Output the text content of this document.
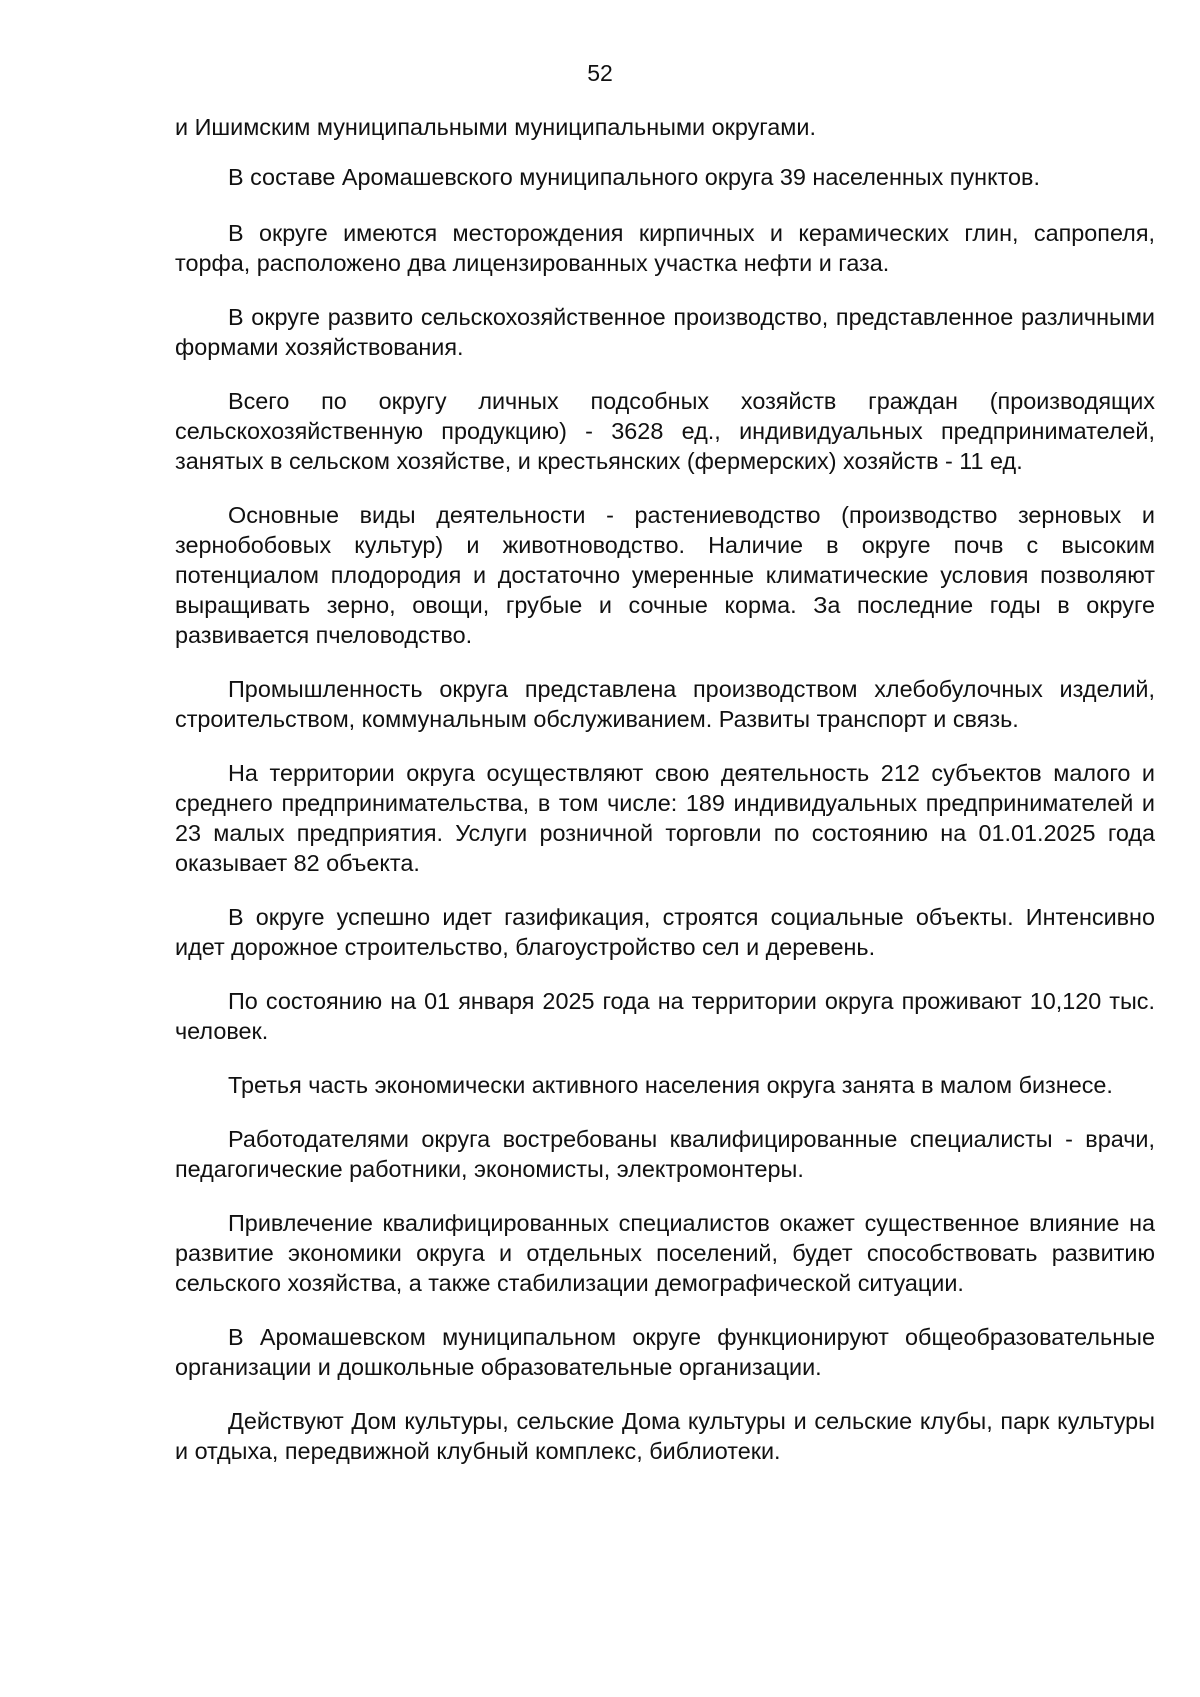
52

и Ишимским муниципальными муниципальными округами.

В составе Аромашевского муниципального округа 39 населенных пунктов.

В округе имеются месторождения кирпичных и керамических глин, сапропеля, торфа, расположено два лицензированных участка нефти и газа.

В округе развито сельскохозяйственное производство, представленное различными формами хозяйствования.

Всего по округу личных подсобных хозяйств граждан (производящих сельскохозяйственную продукцию) - 3628 ед., индивидуальных предпринимателей, занятых в сельском хозяйстве, и крестьянских (фермерских) хозяйств - 11 ед.

Основные виды деятельности - растениеводство (производство зерновых и зернобобовых культур) и животноводство. Наличие в округе почв с высоким потенциалом плодородия и достаточно умеренные климатические условия позволяют выращивать зерно, овощи, грубые и сочные корма. За последние годы в округе развивается пчеловодство.

Промышленность округа представлена производством хлебобулочных изделий, строительством, коммунальным обслуживанием. Развиты транспорт и связь.

На территории округа осуществляют свою деятельность 212 субъектов малого и среднего предпринимательства, в том числе: 189 индивидуальных предпринимателей и 23 малых предприятия. Услуги розничной торговли по состоянию на 01.01.2025 года оказывает 82 объекта.

В округе успешно идет газификация, строятся социальные объекты. Интенсивно идет дорожное строительство, благоустройство сел и деревень.

По состоянию на 01 января 2025 года на территории округа проживают 10,120 тыс. человек.

Третья часть экономически активного населения округа занята в малом бизнесе.

Работодателями округа востребованы квалифицированные специалисты - врачи, педагогические работники, экономисты, электромонтеры.

Привлечение квалифицированных специалистов окажет существенное влияние на развитие экономики округа и отдельных поселений, будет способствовать развитию сельского хозяйства, а также стабилизации демографической ситуации.

В Аромашевском муниципальном округе функционируют общеобразовательные организации и дошкольные образовательные организации.

Действуют Дом культуры, сельские Дома культуры и сельские клубы, парк культуры и отдыха, передвижной клубный комплекс, библиотеки.
